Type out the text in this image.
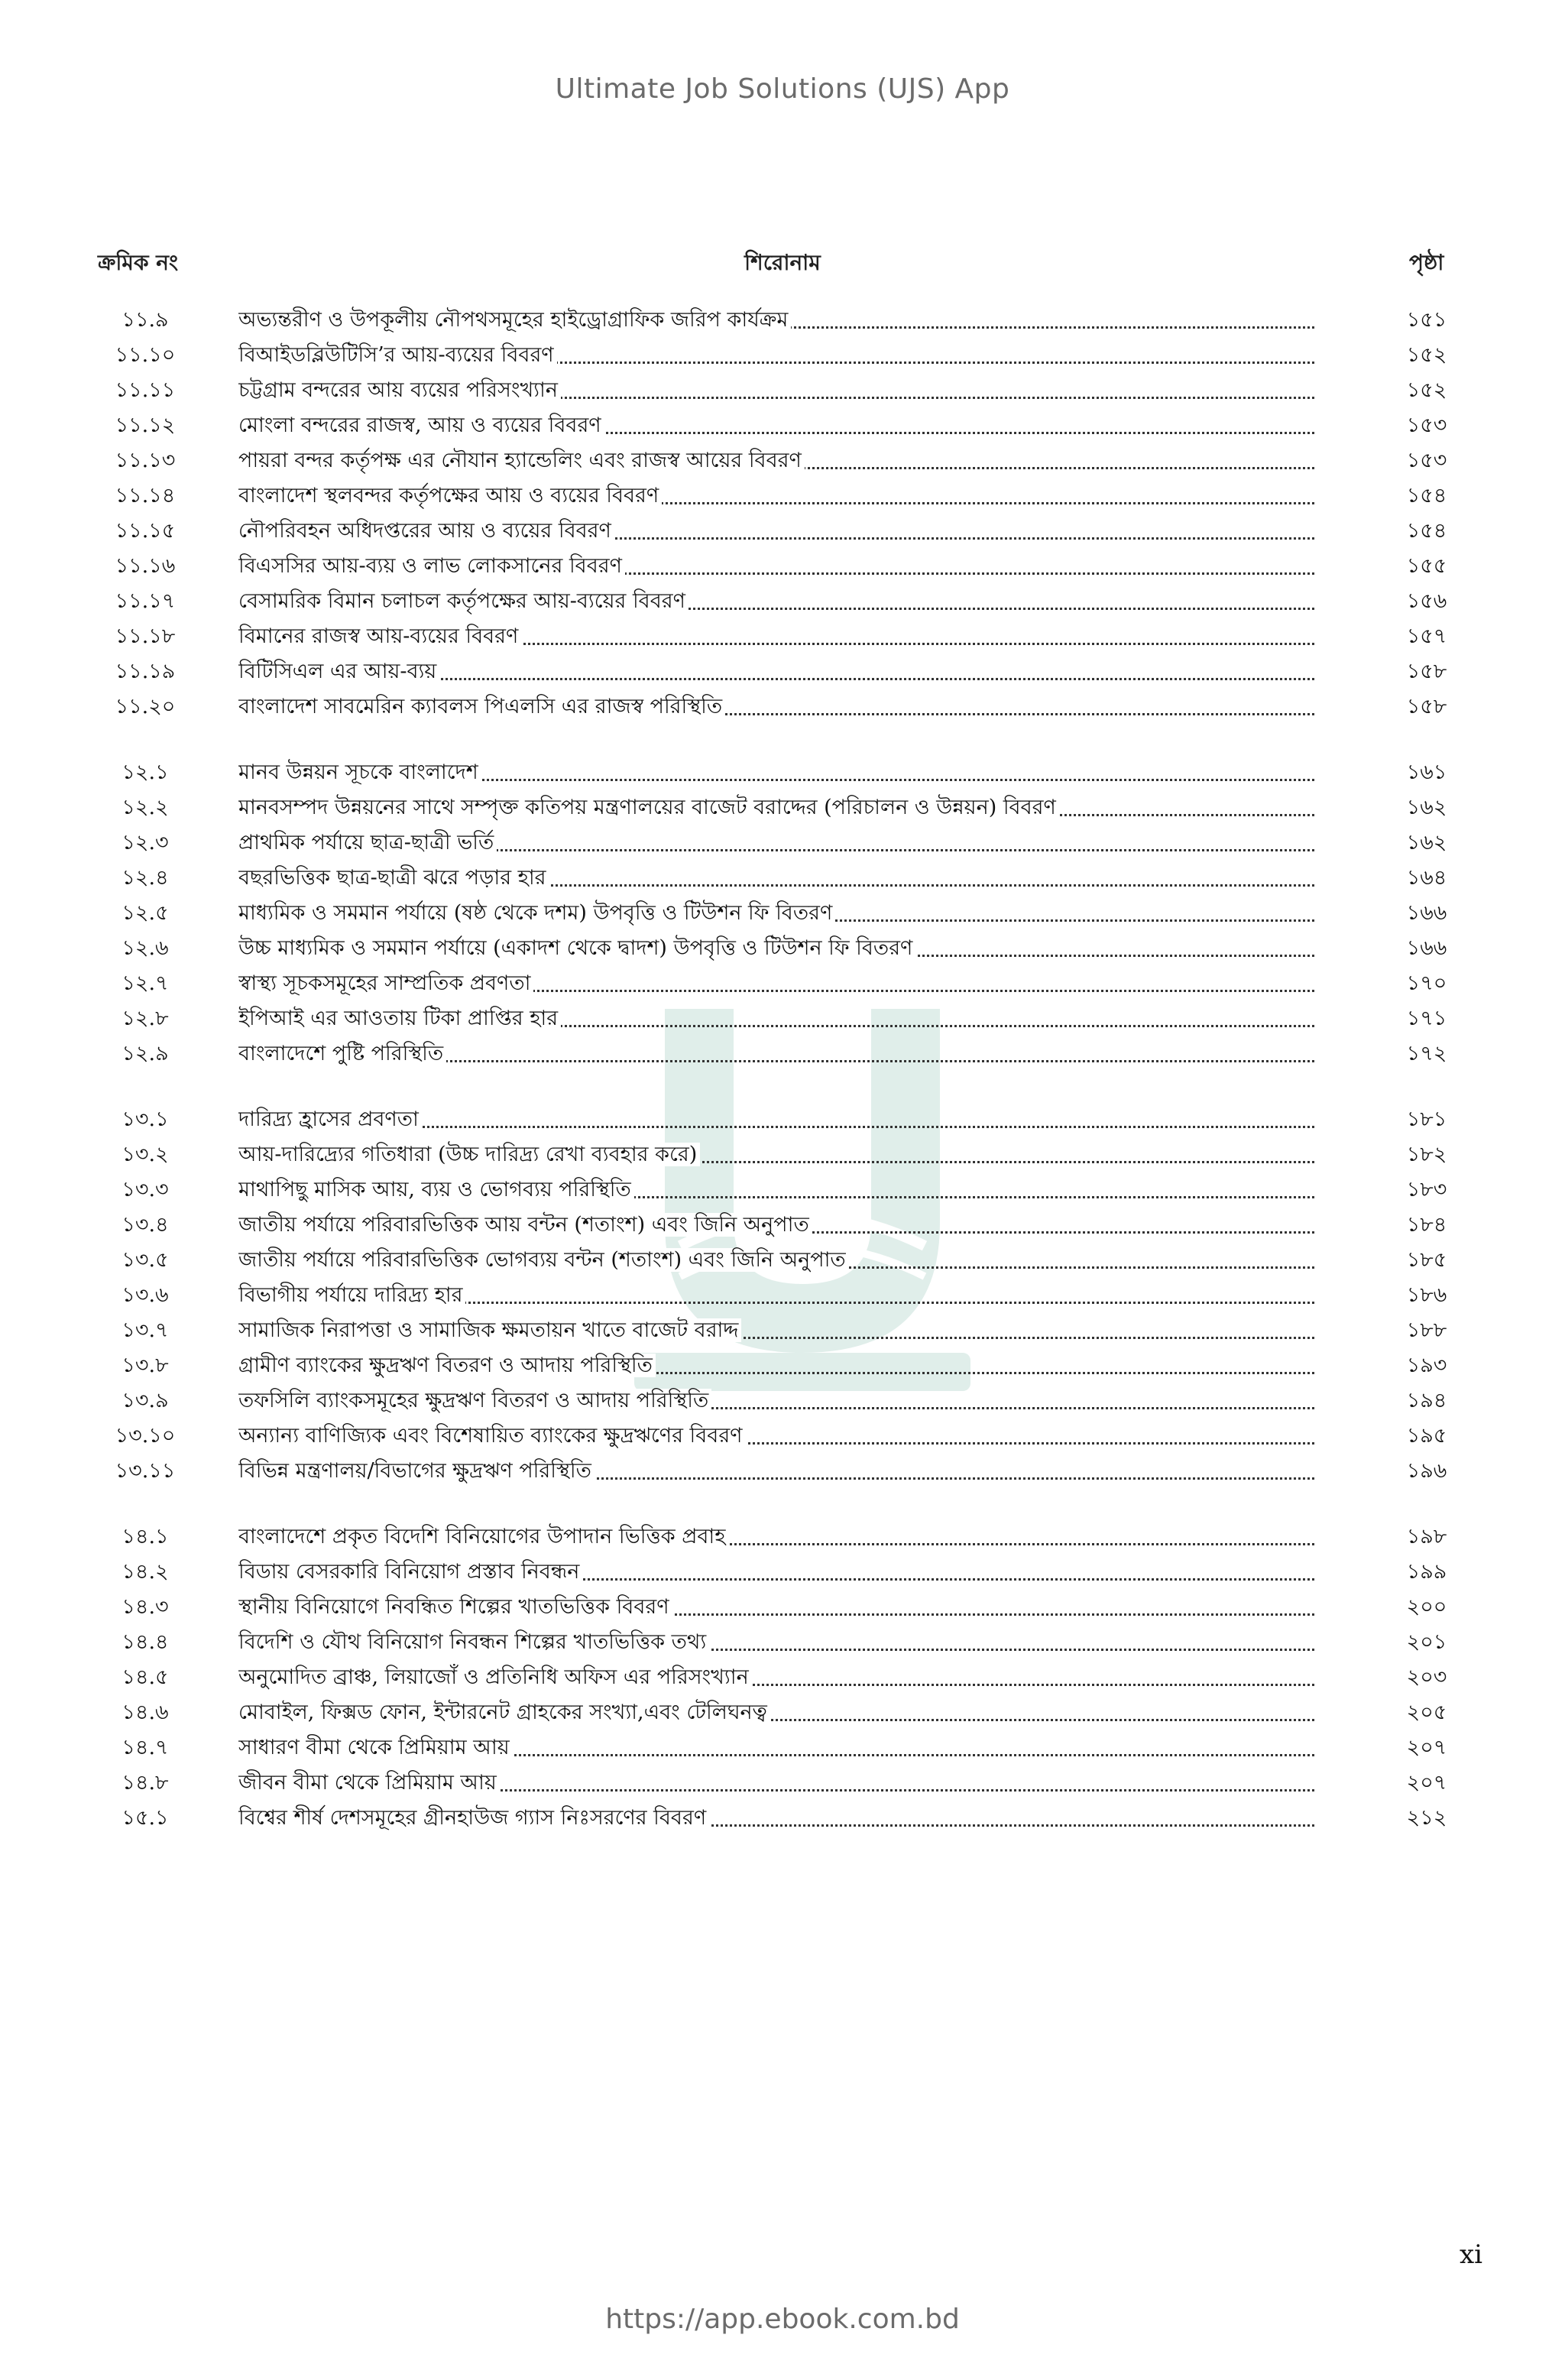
Ultimate Job Solutions (UJS) App
ক্রমিক নং	শিরোনাম	পৃষ্ঠা
১১.৯	অভ্যন্তরীণ ও উপকূলীয় নৌপথসমূহের হাইড্রোগ্রাফিক জরিপ কার্যক্রম	১৫১
১১.১০	বিআইডব্লিউটিসি’র আয়-ব্যয়ের বিবরণ	১৫২
১১.১১	চট্টগ্রাম বন্দরের আয় ব্যয়ের পরিসংখ্যান	১৫২
১১.১২	মোংলা বন্দরের রাজস্ব, আয় ও ব্যয়ের বিবরণ	১৫৩
১১.১৩	পায়রা বন্দর কর্তৃপক্ষ এর নৌযান হ্যান্ডেলিং এবং রাজস্ব আয়ের বিবরণ	১৫৩
১১.১৪	বাংলাদেশ স্থলবন্দর কর্তৃপক্ষের আয় ও ব্যয়ের বিবরণ	১৫৪
১১.১৫	নৌপরিবহন অধিদপ্তরের আয় ও ব্যয়ের বিবরণ	১৫৪
১১.১৬	বিএসসির আয়-ব্যয় ও লাভ লোকসানের বিবরণ	১৫৫
১১.১৭	বেসামরিক বিমান চলাচল কর্তৃপক্ষের আয়-ব্যয়ের বিবরণ	১৫৬
১১.১৮	বিমানের রাজস্ব আয়-ব্যয়ের বিবরণ	১৫৭
১১.১৯	বিটিসিএল এর আয়-ব্যয়	১৫৮
১১.২০	বাংলাদেশ সাবমেরিন ক্যাবলস পিএলসি এর রাজস্ব পরিস্থিতি	১৫৮
১২.১	মানব উন্নয়ন সূচকে বাংলাদেশ	১৬১
১২.২	মানবসম্পদ উন্নয়নের সাথে সম্পৃক্ত কতিপয় মন্ত্রণালয়ের বাজেট বরাদ্দের (পরিচালন ও উন্নয়ন) বিবরণ	১৬২
১২.৩	প্রাথমিক পর্যায়ে ছাত্র-ছাত্রী ভর্তি	১৬২
১২.৪	বছরভিত্তিক ছাত্র-ছাত্রী ঝরে পড়ার হার	১৬৪
১২.৫	মাধ্যমিক ও সমমান পর্যায়ে (ষষ্ঠ থেকে দশম) উপবৃত্তি ও টিউশন ফি বিতরণ	১৬৬
১২.৬	উচ্চ মাধ্যমিক ও সমমান পর্যায়ে (একাদশ থেকে দ্বাদশ) উপবৃত্তি ও টিউশন ফি বিতরণ	১৬৬
১২.৭	স্বাস্থ্য সূচকসমূহের সাম্প্রতিক প্রবণতা	১৭০
১২.৮	ইপিআই এর আওতায় টিকা প্রাপ্তির হার	১৭১
১২.৯	বাংলাদেশে পুষ্টি পরিস্থিতি	১৭২
১৩.১	দারিদ্র্য হ্রাসের প্রবণতা	১৮১
১৩.২	আয়-দারিদ্র্যের গতিধারা (উচ্চ দারিদ্র্য রেখা ব্যবহার করে)	১৮২
১৩.৩	মাথাপিছু মাসিক আয়, ব্যয় ও ভোগব্যয় পরিস্থিতি	১৮৩
১৩.৪	জাতীয় পর্যায়ে পরিবারভিত্তিক আয় বন্টন (শতাংশ) এবং জিনি অনুপাত	১৮৪
১৩.৫	জাতীয় পর্যায়ে পরিবারভিত্তিক ভোগব্যয় বন্টন (শতাংশ) এবং জিনি অনুপাত	১৮৫
১৩.৬	বিভাগীয় পর্যায়ে দারিদ্র্য হার	১৮৬
১৩.৭	সামাজিক নিরাপত্তা ও সামাজিক ক্ষমতায়ন খাতে বাজেট বরাদ্দ	১৮৮
১৩.৮	গ্রামীণ ব্যাংকের ক্ষুদ্রঋণ বিতরণ ও আদায় পরিস্থিতি	১৯৩
১৩.৯	তফসিলি ব্যাংকসমূহের ক্ষুদ্রঋণ বিতরণ ও আদায় পরিস্থিতি	১৯৪
১৩.১০	অন্যান্য বাণিজ্যিক এবং বিশেষায়িত ব্যাংকের ক্ষুদ্রঋণের বিবরণ	১৯৫
১৩.১১	বিভিন্ন মন্ত্রণালয়/বিভাগের ক্ষুদ্রঋণ পরিস্থিতি	১৯৬
১৪.১	বাংলাদেশে প্রকৃত বিদেশি বিনিয়োগের উপাদান ভিত্তিক প্রবাহ	১৯৮
১৪.২	বিডায় বেসরকারি বিনিয়োগ প্রস্তাব নিবন্ধন	১৯৯
১৪.৩	স্থানীয় বিনিয়োগে নিবন্ধিত শিল্পের খাতভিত্তিক বিবরণ	২০০
১৪.৪	বিদেশি ও যৌথ বিনিয়োগ নিবন্ধন শিল্পের খাতভিত্তিক তথ্য	২০১
১৪.৫	অনুমোদিত ব্রাঞ্চ, লিয়াজোঁ ও প্রতিনিধি অফিস এর পরিসংখ্যান	২০৩
১৪.৬	মোবাইল, ফিক্সড ফোন, ইন্টারনেট গ্রাহকের সংখ্যা,এবং টেলিঘনত্ব	২০৫
১৪.৭	সাধারণ বীমা থেকে প্রিমিয়াম আয়	২০৭
১৪.৮	জীবন বীমা থেকে প্রিমিয়াম আয়	২০৭
১৫.১	বিশ্বের শীর্ষ দেশসমূহের গ্রীনহাউজ গ্যাস নিঃসরণের বিবরণ	২১২
xi
https://app.ebook.com.bd
